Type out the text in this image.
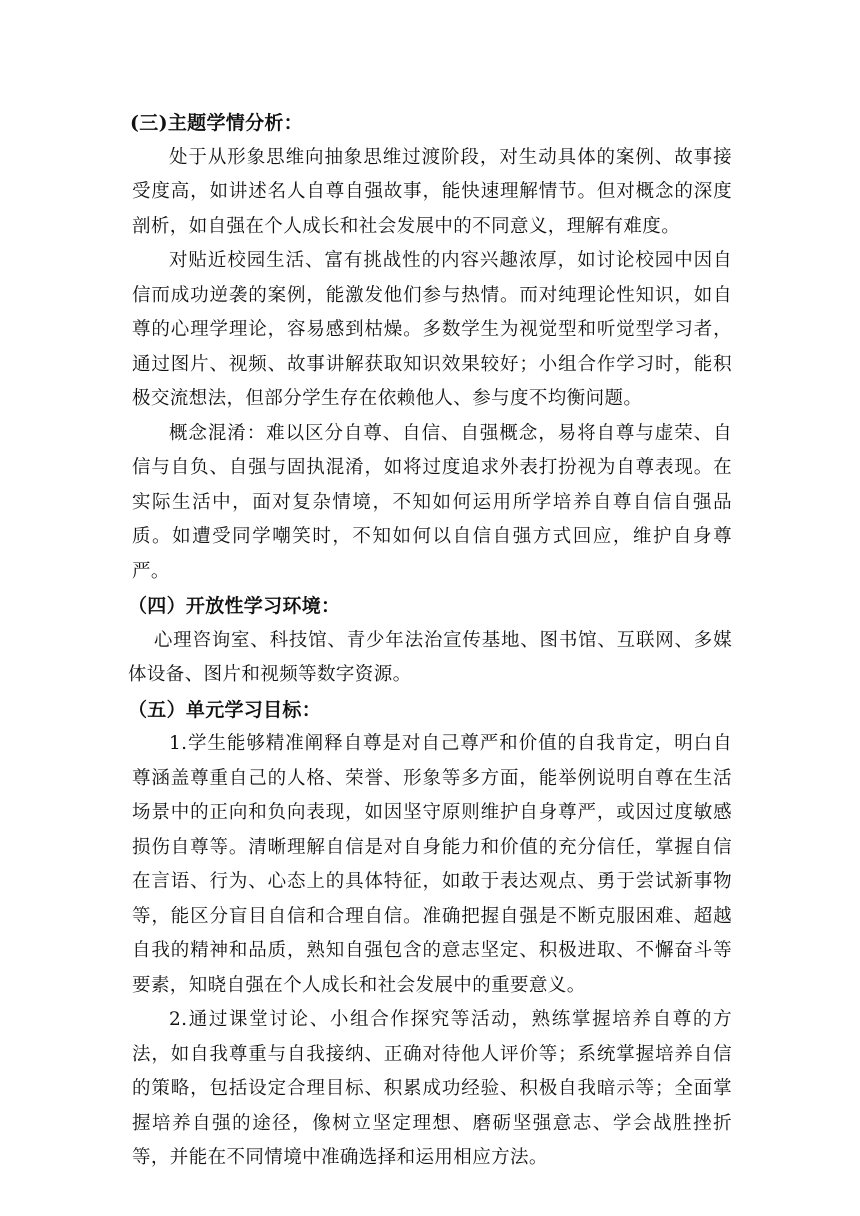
(三)主题学情分析：

处于从形象思维向抽象思维过渡阶段，对生动具体的案例、故事接受度高，如讲述名人自尊自强故事，能快速理解情节。但对概念的深度剖析，如自强在个人成长和社会发展中的不同意义，理解有难度。

对贴近校园生活、富有挑战性的内容兴趣浓厚，如讨论校园中因自信而成功逆袭的案例，能激发他们参与热情。而对纯理论性知识，如自尊的心理学理论，容易感到枯燥。多数学生为视觉型和听觉型学习者，通过图片、视频、故事讲解获取知识效果较好；小组合作学习时，能积极交流想法，但部分学生存在依赖他人、参与度不均衡问题。

概念混淆：难以区分自尊、自信、自强概念，易将自尊与虚荣、自信与自负、自强与固执混淆，如将过度追求外表打扮视为自尊表现。在实际生活中，面对复杂情境，不知如何运用所学培养自尊自信自强品质。如遭受同学嘲笑时，不知如何以自信自强方式回应，维护自身尊严。

（四）开放性学习环境：

心理咨询室、科技馆、青少年法治宣传基地、图书馆、互联网、多媒体设备、图片和视频等数字资源。

（五）单元学习目标：

1.学生能够精准阐释自尊是对自己尊严和价值的自我肯定，明白自尊涵盖尊重自己的人格、荣誉、形象等多方面，能举例说明自尊在生活场景中的正向和负向表现，如因坚守原则维护自身尊严，或因过度敏感损伤自尊等。清晰理解自信是对自身能力和价值的充分信任，掌握自信在言语、行为、心态上的具体特征，如敢于表达观点、勇于尝试新事物等，能区分盲目自信和合理自信。准确把握自强是不断克服困难、超越自我的精神和品质，熟知自强包含的意志坚定、积极进取、不懈奋斗等要素，知晓自强在个人成长和社会发展中的重要意义。

2.通过课堂讨论、小组合作探究等活动，熟练掌握培养自尊的方法，如自我尊重与自我接纳、正确对待他人评价等；系统掌握培养自信的策略，包括设定合理目标、积累成功经验、积极自我暗示等；全面掌握培养自强的途径，像树立坚定理想、磨砺坚强意志、学会战胜挫折等，并能在不同情境中准确选择和运用相应方法。
